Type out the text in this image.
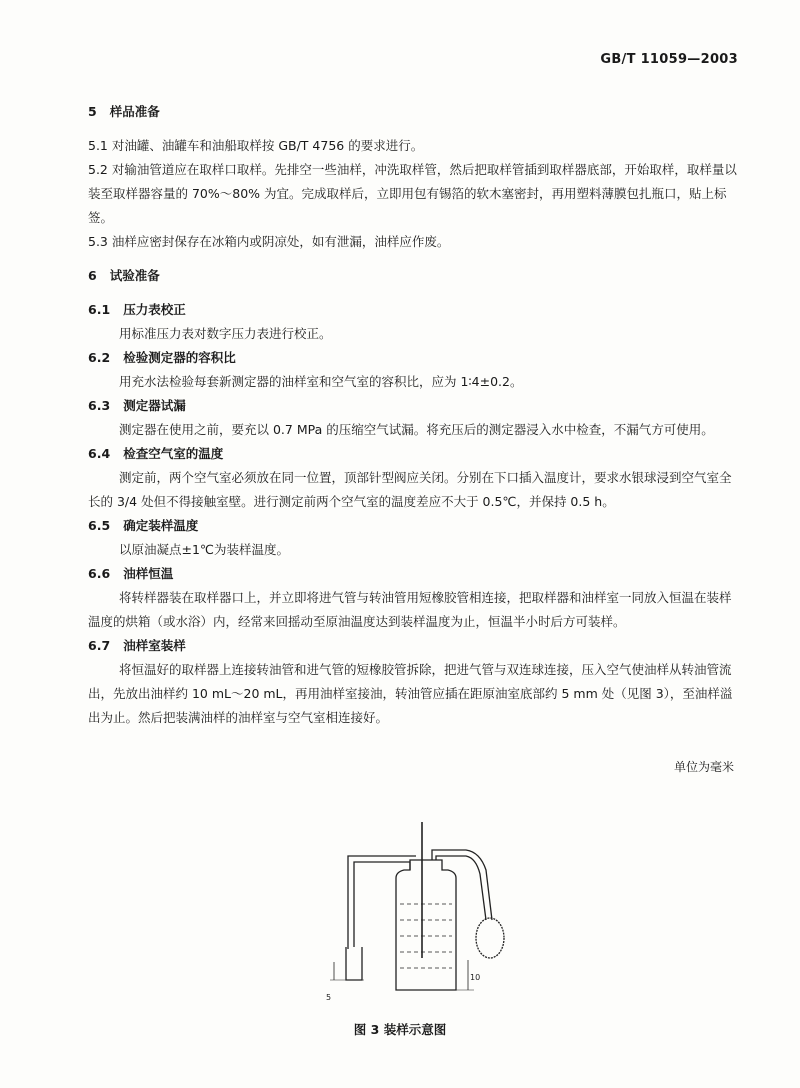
GB/T 11059—2003

5 样品准备

5.1 对油罐、油罐车和油船取样按 GB/T 4756 的要求进行。

5.2 对输油管道应在取样口取样。先排空一些油样，冲洗取样管，然后把取样管插到取样器底部，开始取样，取样量以装至取样器容量的 70%～80% 为宜。完成取样后，立即用包有锡箔的软木塞密封，再用塑料薄膜包扎瓶口，贴上标签。

5.3 油样应密封保存在冰箱内或阴凉处，如有泄漏，油样应作废。

6 试验准备

6.1 压力表校正

用标准压力表对数字压力表进行校正。

6.2 检验测定器的容积比

用充水法检验每套新测定器的油样室和空气室的容积比，应为 1∶4±0.2。

6.3 测定器试漏

测定器在使用之前，要充以 0.7 MPa 的压缩空气试漏。将充压后的测定器浸入水中检查，不漏气方可使用。

6.4 检查空气室的温度

测定前，两个空气室必须放在同一位置，顶部针型阀应关闭。分别在下口插入温度计，要求水银球浸到空气室全长的 3/4 处但不得接触室壁。进行测定前两个空气室的温度差应不大于 0.5℃，并保持 0.5 h。

6.5 确定装样温度

以原油凝点±1℃为装样温度。

6.6 油样恒温

将转样器装在取样器口上，并立即将进气管与转油管用短橡胶管相连接，把取样器和油样室一同放入恒温在装样温度的烘箱（或水浴）内，经常来回摇动至原油温度达到装样温度为止，恒温半小时后方可装样。

6.7 油样室装样

将恒温好的取样器上连接转油管和进气管的短橡胶管拆除，把进气管与双连球连接，压入空气使油样从转油管流出，先放出油样约 10 mL～20 mL，再用油样室接油，转油管应插在距原油室底部约 5 mm 处（见图 3），至油样溢出为止。然后把装满油样的油样室与空气室相连接好。

单位为毫米
5
10
图 3 装样示意图
